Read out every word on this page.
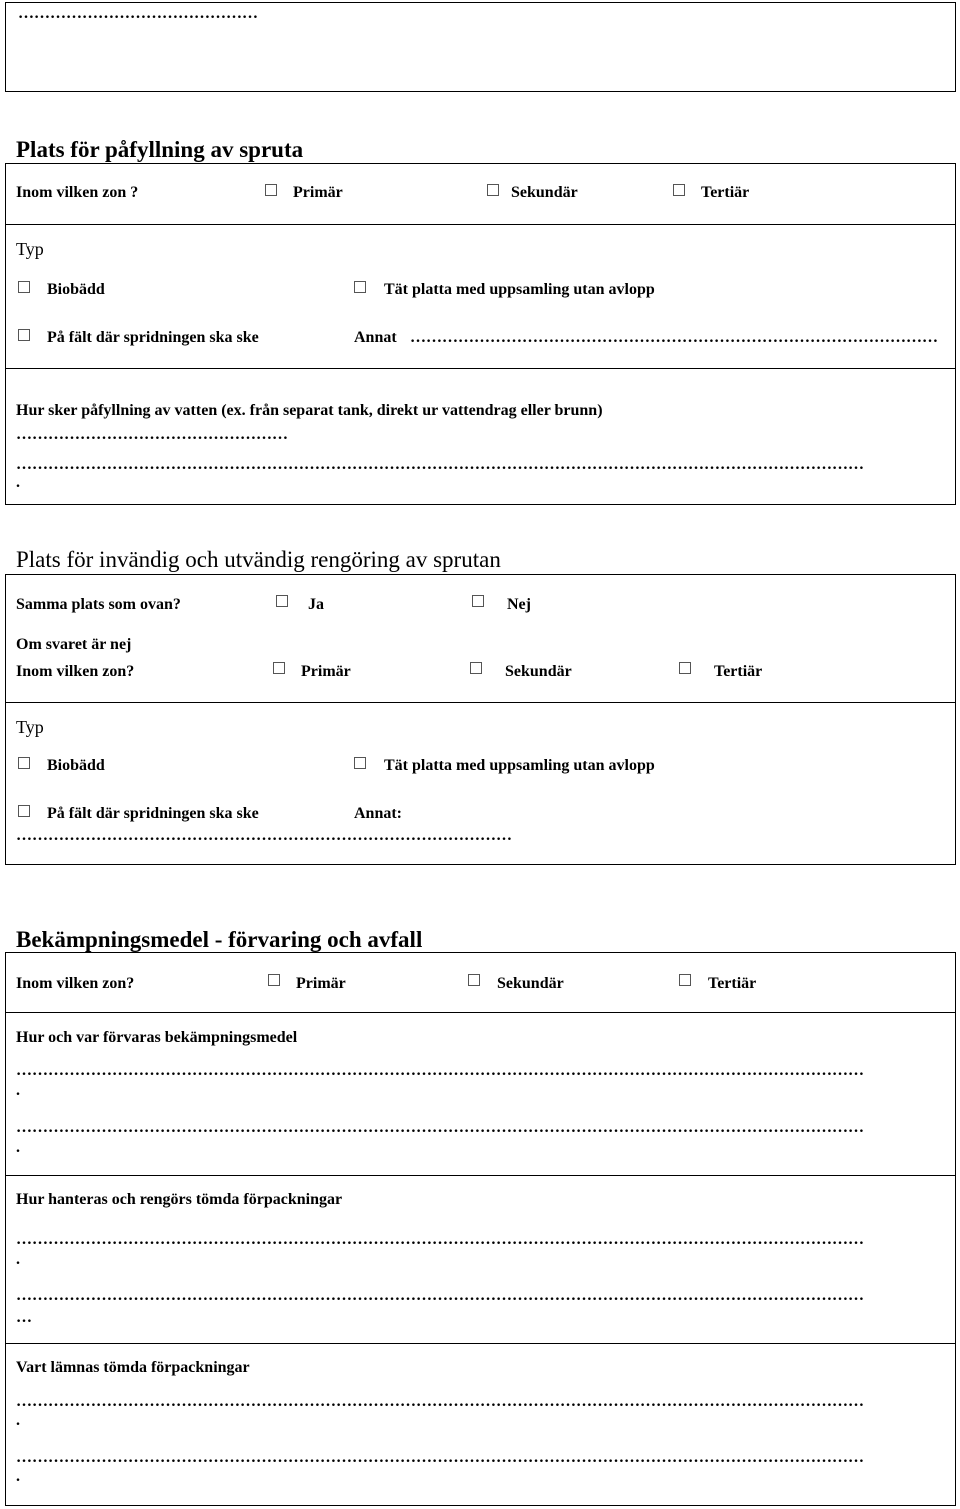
………………………………………
Plats för påfyllning av spruta
Inom vilken zon ?	Primär	Sekundär	Tertiär
Typ
Biobädd	Tät platta med uppsamling utan avlopp
På fält där spridningen ska ske	Annat ………………………………………………………………………………………
Hur sker påfyllning av vatten (ex. från separat tank, direkt ur vattendrag eller brunn)
……………………………………………
……………………………………………………………………………………………………………………………………………
.
Plats för invändig och utvändig rengöring av sprutan
Samma plats som ovan?	Ja	Nej
Om svaret är nej
Inom vilken zon?	Primär	Sekundär	Tertiär
Typ
Biobädd	Tät platta med uppsamling utan avlopp
På fält där spridningen ska ske	Annat:
…………………………………………………………………………………
Bekämpningsmedel - förvaring och avfall
Inom vilken zon?	Primär	Sekundär	Tertiär
Hur och var förvaras bekämpningsmedel
……………………………………………………………………………………………………………………………………………
.
……………………………………………………………………………………………………………………………………………
.
Hur hanteras och rengörs tömda förpackningar
……………………………………………………………………………………………………………………………………………
.
……………………………………………………………………………………………………………………………………………
…
Vart lämnas tömda förpackningar
……………………………………………………………………………………………………………………………………………
.
……………………………………………………………………………………………………………………………………………
.
